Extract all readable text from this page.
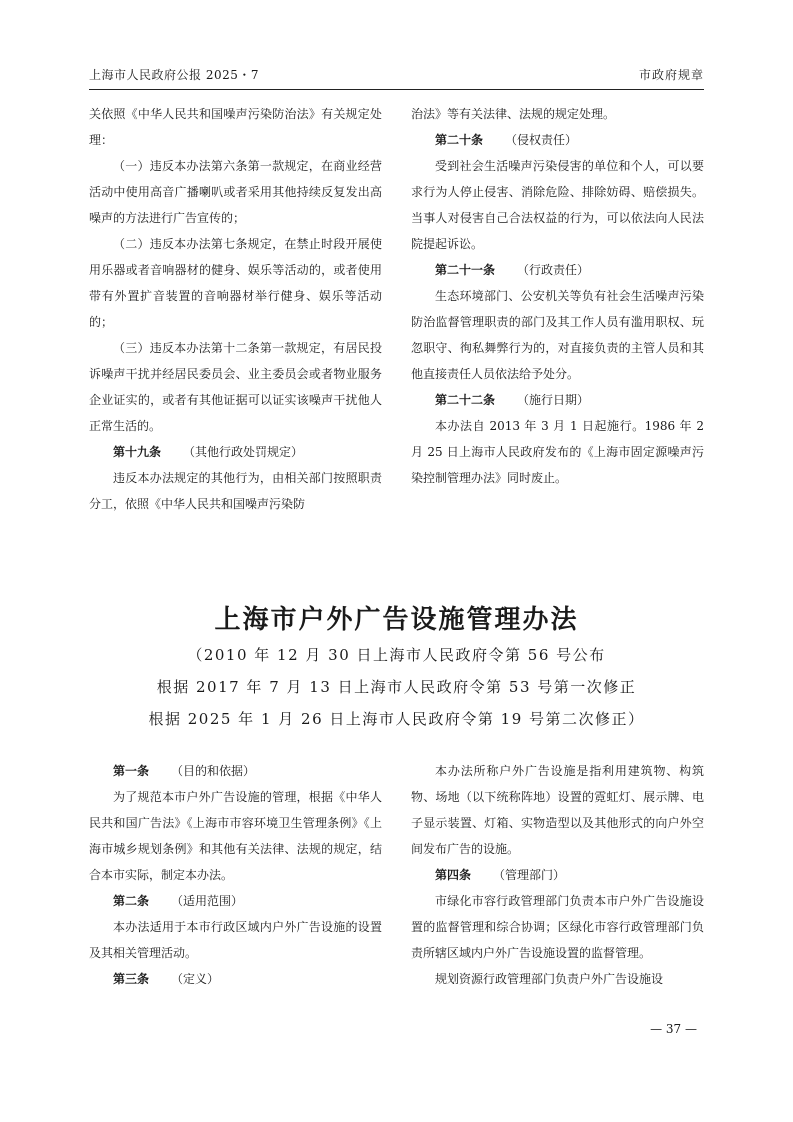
上海市人民政府公报 2025・7	市政府规章

关依照《中华人民共和国噪声污染防治法》有关规定处理：

（一）违反本办法第六条第一款规定，在商业经营活动中使用高音广播喇叭或者采用其他持续反复发出高噪声的方法进行广告宣传的；

（二）违反本办法第七条规定，在禁止时段开展使用乐器或者音响器材的健身、娱乐等活动的，或者使用带有外置扩音装置的音响器材举行健身、娱乐等活动的；

（三）违反本办法第十二条第一款规定，有居民投诉噪声干扰并经居民委员会、业主委员会或者物业服务企业证实的，或者有其他证据可以证实该噪声干扰他人正常生活的。

第十九条 （其他行政处罚规定）

违反本办法规定的其他行为，由相关部门按照职责分工，依照《中华人民共和国噪声污染防

治法》等有关法律、法规的规定处理。

第二十条 （侵权责任）

受到社会生活噪声污染侵害的单位和个人，可以要求行为人停止侵害、消除危险、排除妨碍、赔偿损失。当事人对侵害自己合法权益的行为，可以依法向人民法院提起诉讼。

第二十一条 （行政责任）

生态环境部门、公安机关等负有社会生活噪声污染防治监督管理职责的部门及其工作人员有滥用职权、玩忽职守、徇私舞弊行为的，对直接负责的主管人员和其他直接责任人员依法给予处分。

第二十二条 （施行日期）

本办法自 2013 年 3 月 1 日起施行。1986 年 2 月 25 日上海市人民政府发布的《上海市固定源噪声污染控制管理办法》同时废止。

上海市户外广告设施管理办法
（2010 年 12 月 30 日上海市人民政府令第 56 号公布
根据 2017 年 7 月 13 日上海市人民政府令第 53 号第一次修正
根据 2025 年 1 月 26 日上海市人民政府令第 19 号第二次修正）

第一条 （目的和依据）

为了规范本市户外广告设施的管理，根据《中华人民共和国广告法》《上海市市容环境卫生管理条例》《上海市城乡规划条例》和其他有关法律、法规的规定，结合本市实际，制定本办法。

第二条 （适用范围）

本办法适用于本市行政区域内户外广告设施的设置及其相关管理活动。

第三条 （定义）

本办法所称户外广告设施是指利用建筑物、构筑物、场地（以下统称阵地）设置的霓虹灯、展示牌、电子显示装置、灯箱、实物造型以及其他形式的向户外空间发布广告的设施。

第四条 （管理部门）

市绿化市容行政管理部门负责本市户外广告设施设置的监督管理和综合协调；区绿化市容行政管理部门负责所辖区域内户外广告设施设置的监督管理。

规划资源行政管理部门负责户外广告设施设

— 37 —
